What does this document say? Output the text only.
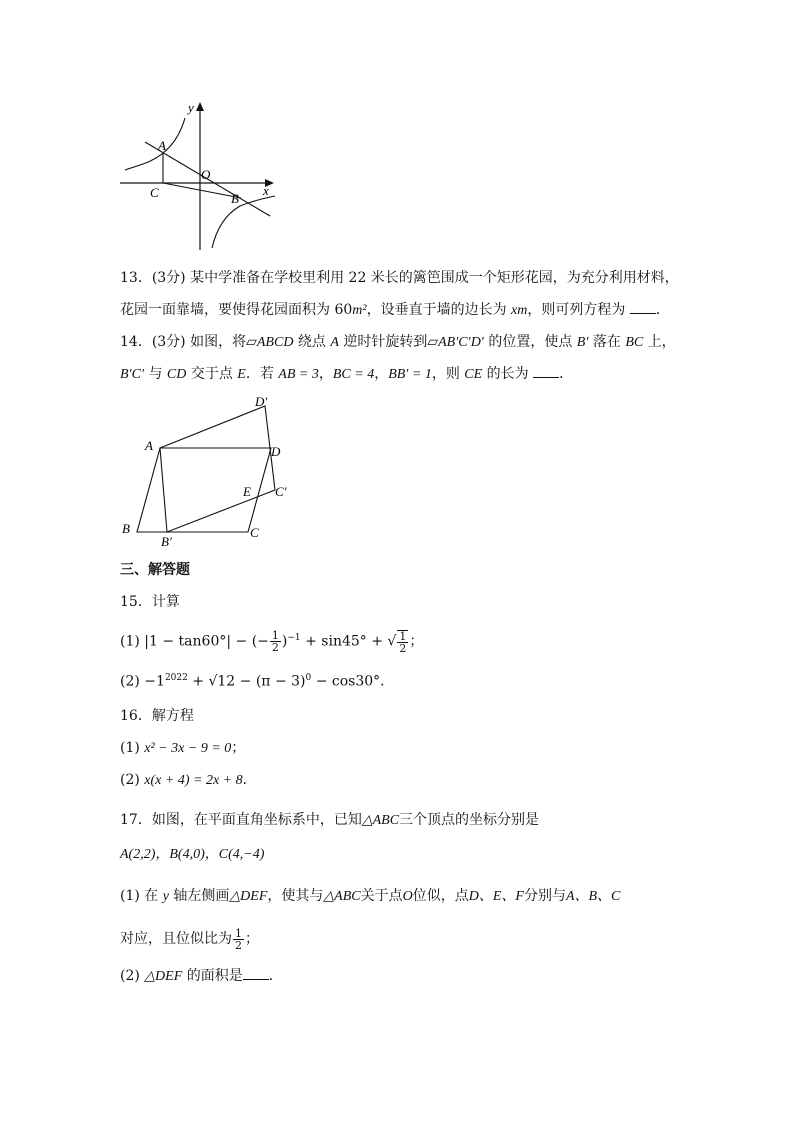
y
x
A
C
O
B
13．(3分) 某中学准备在学校里利用 22 米长的篱笆围成一个矩形花园，为充分利用材料，
花园一面靠墙，要使得花园面积为 60m²，设垂直于墙的边长为 xm，则可列方程为 ．
14．(3分) 如图，将▱ABCD 绕点 A 逆时针旋转到▱AB′C′D′ 的位置，使点 B′ 落在 BC 上，
B′C′ 与 CD 交于点 E．若 AB = 3，BC = 4，BB′ = 1，则 CE 的长为 ．
A
B
B′
C
C′
D
D′
E
三、解答题
15．计算
(1) |1 − tan60°| − (− $\frac{1}{2} )^{-1} + \sin 45^\circ$ + √ $\frac{1}{2}$ ；
$(2) -1^{2022} + √12 - (\pi - 3)^0 - \cos 30^\circ$．
16．解方程
(1) x² − 3x − 9 = 0；
(2) x(x + 4) = 2x + 8．
17．如图，在平面直角坐标系中，已知△ABC三个顶点的坐标分别是
A(2,2)，B(4,0)，C(4,−4)
(1) 在 y 轴左侧画△DEF，使其与△ABC关于点O位似，点D、E、F分别与A、B、C
对应，且位似比为 $\frac{1}{2}$ ；
(2) △DEF 的面积是 ．
